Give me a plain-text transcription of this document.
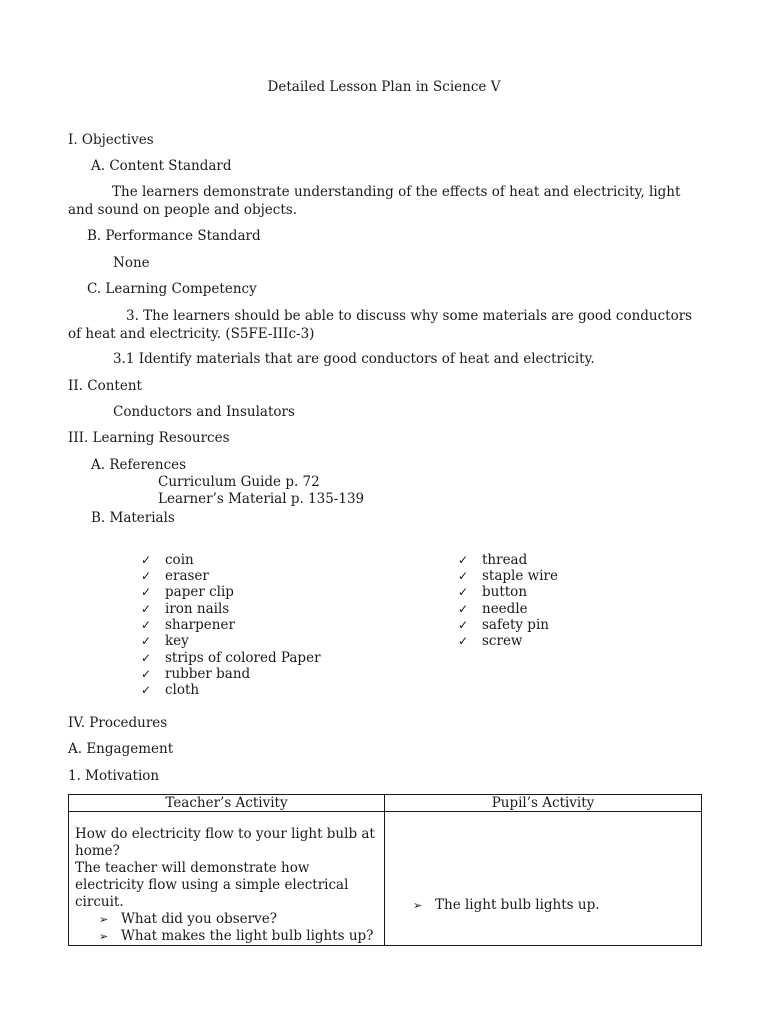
Detailed Lesson Plan in Science V
I. Objectives
A. Content Standard
The learners demonstrate understanding of the effects of heat and electricity, light and sound on people and objects.
B. Performance Standard
None
C. Learning Competency
3. The learners should be able to discuss why some materials are good conductors of heat and electricity. (S5FE-IIIc-3)
3.1 Identify materials that are good conductors of heat and electricity.
II. Content
Conductors and Insulators
III. Learning Resources
A. References
Curriculum Guide p. 72
Learner’s Material p. 135-139
B. Materials
✓ coin
✓ eraser
✓ paper clip
✓ iron nails
✓ sharpener
✓ key
✓ strips of colored Paper
✓ rubber band
✓ cloth
✓ thread
✓ staple wire
✓ button
✓ needle
✓ safety pin
✓ screw
IV. Procedures
A. Engagement
1. Motivation
Teacher’s Activity	Pupil’s Activity

How do electricity flow to your light bulb at home?
The teacher will demonstrate how electricity flow using a simple electrical circuit.
➢ What did you observe?
➢ What makes the light bulb lights up?	➢ The light bulb lights up.
